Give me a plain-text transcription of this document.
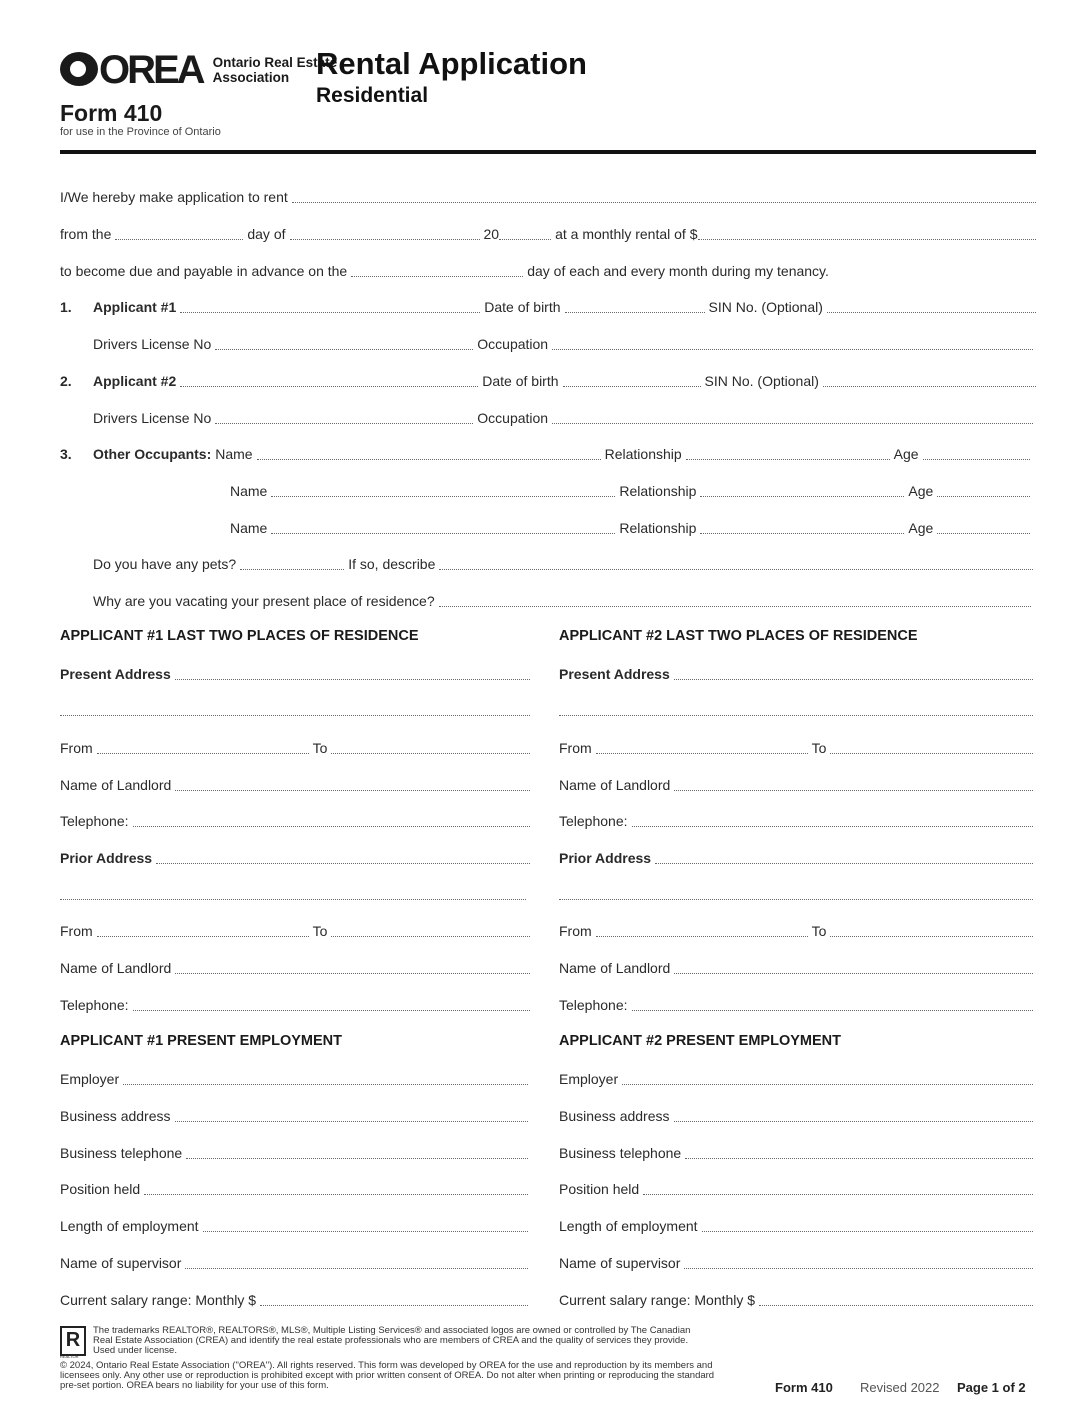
OREA Ontario Real Estate
Association
Form 410
for use in the Province of Ontario
Rental Application
Residential
I/We hereby make application to rent
from the	day of	20	at a monthly rental of $
to become due and payable in advance on the	day of each and every month during my tenancy.
1.	Applicant #1	Date of birth	SIN No. (Optional)
Drivers License No	Occupation
2.	Applicant #2	Date of birth	SIN No. (Optional)
Drivers License No	Occupation
3.	Other Occupants: Name	Relationship	Age
Name	Relationship	Age
Name	Relationship	Age
Do you have any pets?	If so, describe
Why are you vacating your present place of residence?
APPLICANT #1 LAST TWO PLACES OF RESIDENCE	APPLICANT #2 LAST TWO PLACES OF RESIDENCE
Present Address
From	To
Name of Landlord
Telephone:
Prior Address
From	To
Name of Landlord
Telephone:
Present Address
From	To
Name of Landlord
Telephone:
Prior Address
From	To
Name of Landlord
Telephone:
APPLICANT #1 PRESENT EMPLOYMENT	APPLICANT #2 PRESENT EMPLOYMENT
Employer
Business address
Business telephone
Position held
Length of employment
Name of supervisor
Current salary range: Monthly $
Employer
Business address
Business telephone
Position held
Length of employment
Name of supervisor
Current salary range: Monthly $
R REALTOR	The trademarks REALTOR®, REALTORS®, MLS®, Multiple Listing Services® and associated logos are owned or controlled by The Canadian Real Estate Association (CREA) and identify the real estate professionals who are members of CREA and the quality of services they provide. Used under license.
© 2024, Ontario Real Estate Association ("OREA"). All rights reserved. This form was developed by OREA for the use and reproduction by its members and licensees only. Any other use or reproduction is prohibited except with prior written consent of OREA. Do not alter when printing or reproducing the standard pre-set portion. OREA bears no liability for your use of this form.	Form 410 Revised 2022 Page 1 of 2
